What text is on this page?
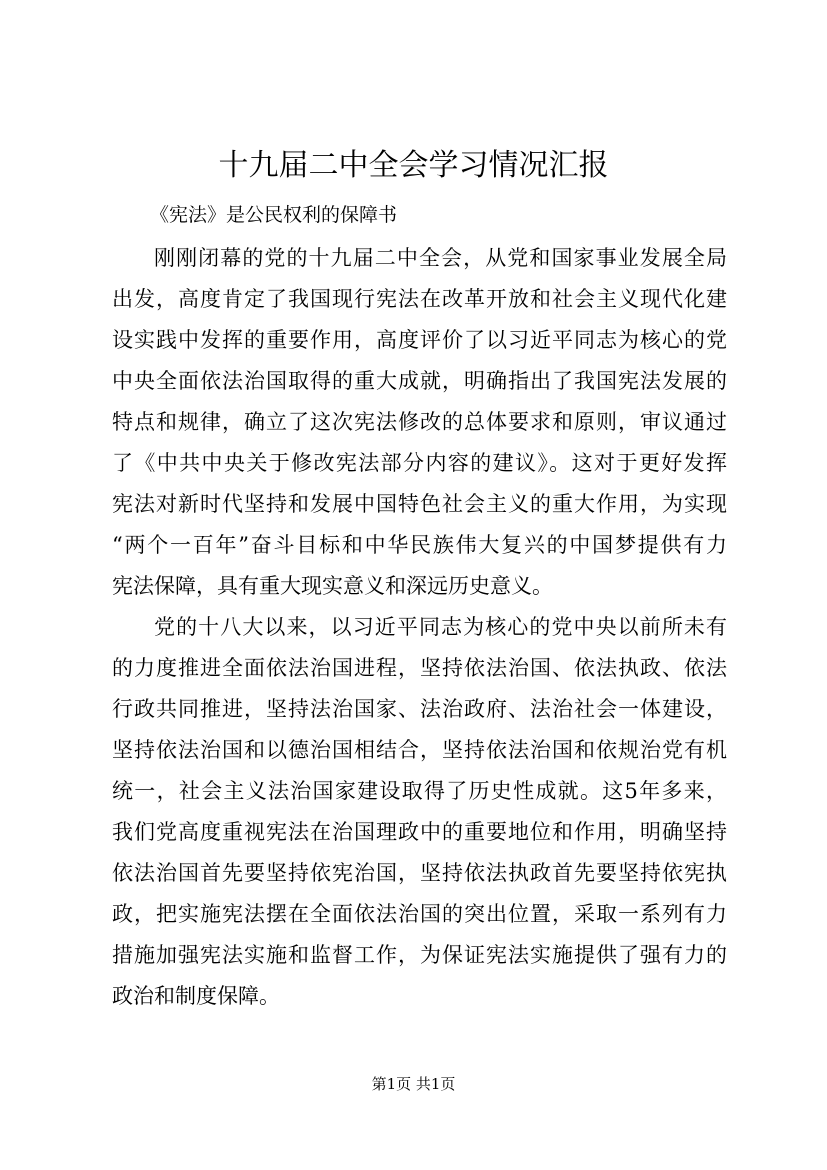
十九届二中全会学习情况汇报

《宪法》是公民权利的保障书

刚刚闭幕的党的十九届二中全会，从党和国家事业发展全局
出发，高度肯定了我国现行宪法在改革开放和社会主义现代化建
设实践中发挥的重要作用，高度评价了以习近平同志为核心的党
中央全面依法治国取得的重大成就，明确指出了我国宪法发展的
特点和规律，确立了这次宪法修改的总体要求和原则，审议通过
了《中共中央关于修改宪法部分内容的建议》。这对于更好发挥
宪法对新时代坚持和发展中国特色社会主义的重大作用，为实现
“两个一百年”奋斗目标和中华民族伟大复兴的中国梦提供有力
宪法保障，具有重大现实意义和深远历史意义。
党的十八大以来，以习近平同志为核心的党中央以前所未有
的力度推进全面依法治国进程，坚持依法治国、依法执政、依法
行政共同推进，坚持法治国家、法治政府、法治社会一体建设，
坚持依法治国和以德治国相结合，坚持依法治国和依规治党有机
统一，社会主义法治国家建设取得了历史性成就。这5年多来，
我们党高度重视宪法在治国理政中的重要地位和作用，明确坚持
依法治国首先要坚持依宪治国，坚持依法执政首先要坚持依宪执
政，把实施宪法摆在全面依法治国的突出位置，采取一系列有力
措施加强宪法实施和监督工作，为保证宪法实施提供了强有力的
政治和制度保障。
第1页 共1页
